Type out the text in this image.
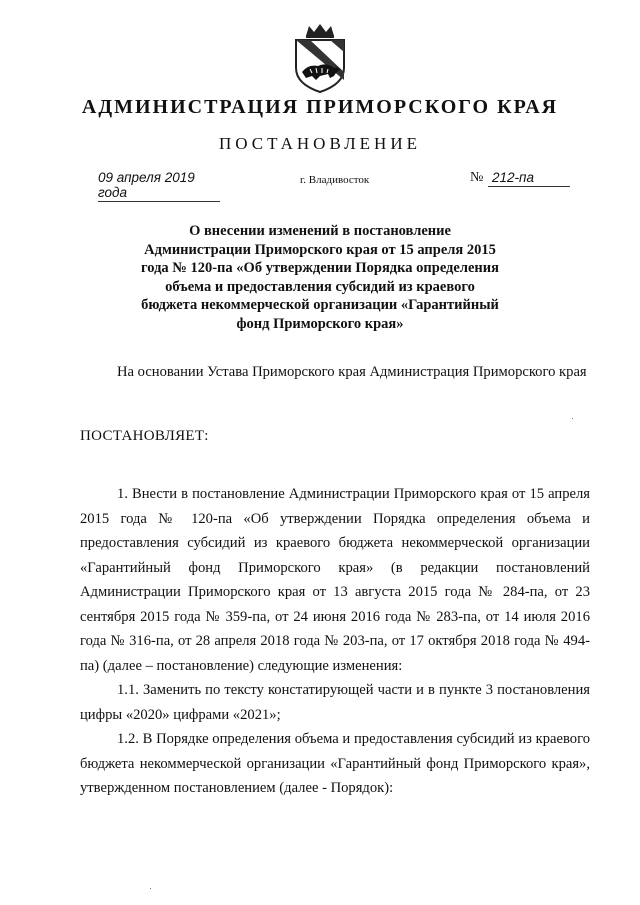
АДМИНИСТРАЦИЯ ПРИМОРСКОГО КРАЯ
ПОСТАНОВЛЕНИЕ
09 апреля 2019 года
г. Владивосток	№ 212-па
О внесении изменений в постановление Администрации Приморского края от 15 апреля 2015 года № 120-па «Об утверждении Порядка определения объема и предоставления субсидий из краевого бюджета некоммерческой организации «Гарантийный фонд Приморского края»

На основании Устава Приморского края Администрация Приморского края

ПОСТАНОВЛЯЕТ:

1. Внести в постановление Администрации Приморского края от 15 апреля 2015 года № 120-па «Об утверждении Порядка определения объема и предоставления субсидий из краевого бюджета некоммерческой организации «Гарантийный фонд Приморского края» (в редакции постановлений Администрации Приморского края от 13 августа 2015 года № 284-па, от 23 сентября 2015 года № 359-па, от 24 июня 2016 года № 283-па, от 14 июля 2016 года № 316-па, от 28 апреля 2018 года № 203-па, от 17 октября 2018 года № 494-па) (далее – постановление) следующие изменения:

1.1. Заменить по тексту констатирующей части и в пункте 3 постановления цифры «2020» цифрами «2021»;

1.2. В Порядке определения объема и предоставления субсидий из краевого бюджета некоммерческой организации «Гарантийный фонд Приморского края», утвержденном постановлением (далее - Порядок):
